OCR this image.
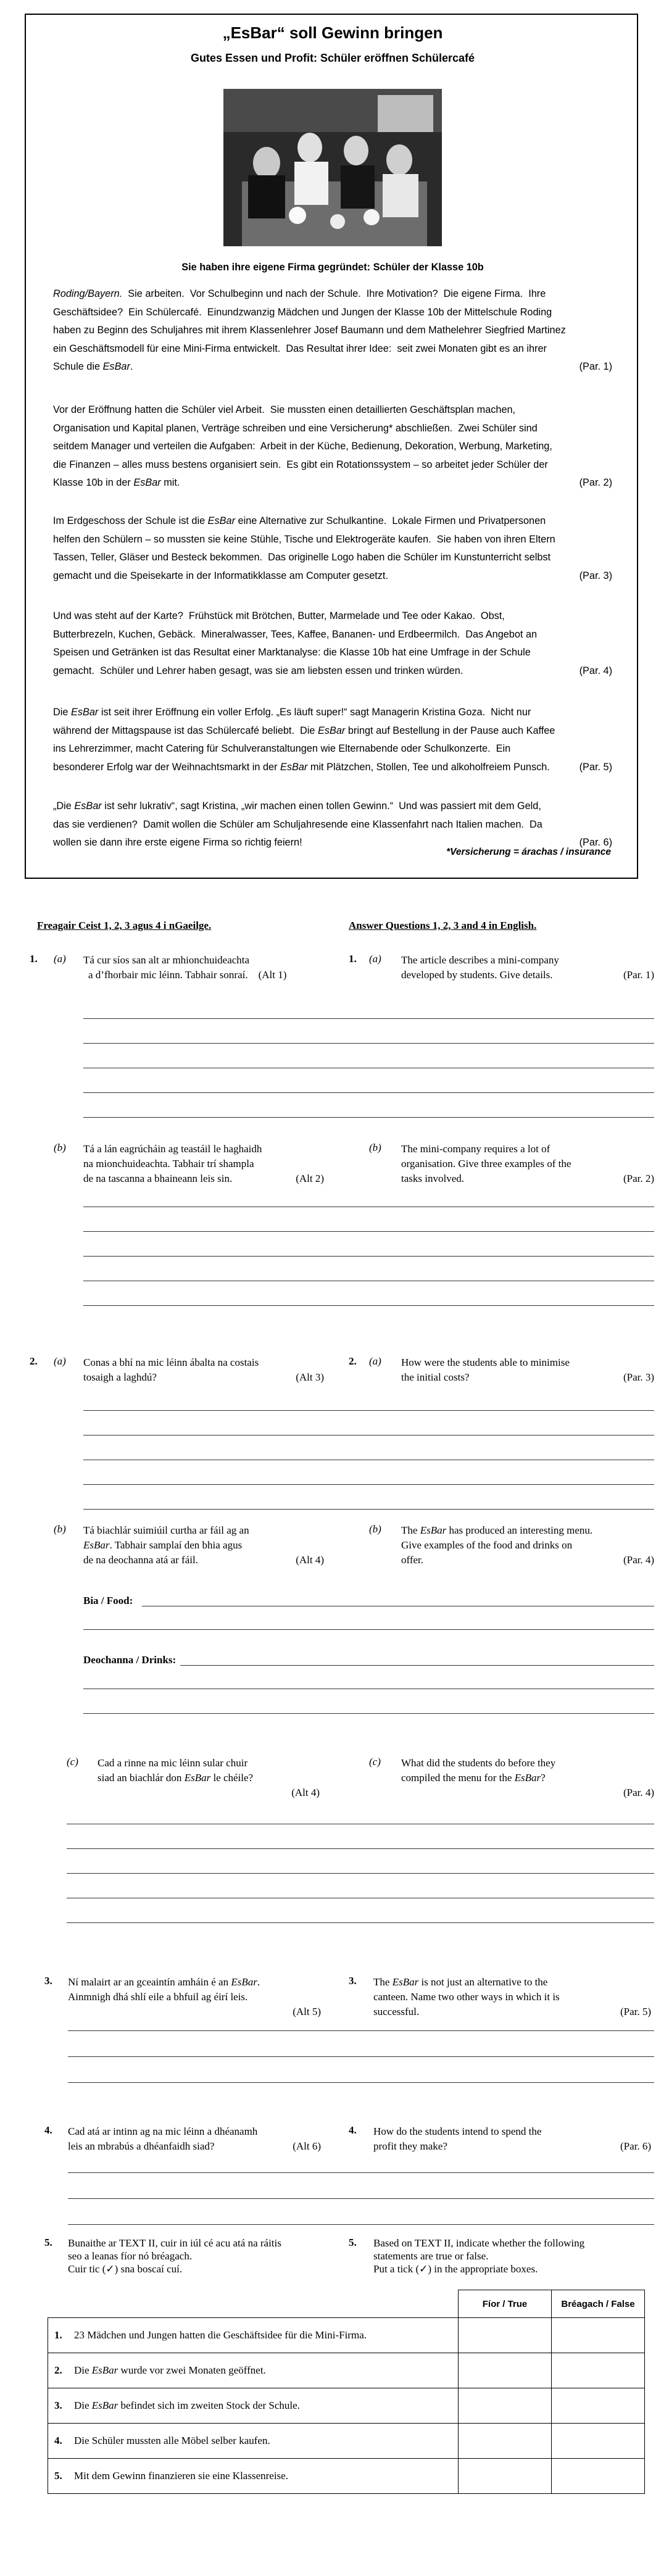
„EsBar“ soll Gewinn bringen
Gutes Essen und Profit: Schüler eröffnen Schülercafé
Sie haben ihre eigene Firma gegründet: Schüler der Klasse 10b
Roding/Bayern.  Sie arbeiten.  Vor Schulbeginn und nach der Schule.  Ihre Motivation?  Die eigene Firma.  Ihre
Geschäftsidee?  Ein Schülercafé.  Einundzwanzig Mädchen und Jungen der Klasse 10b der Mittelschule Roding
haben zu Beginn des Schuljahres mit ihrem Klassenlehrer Josef Baumann und dem Mathelehrer Siegfried Martinez
ein Geschäftsmodell für eine Mini-Firma entwickelt.  Das Resultat ihrer Idee:  seit zwei Monaten gibt es an ihrer
Schule die EsBar.	(Par. 1)
Vor der Eröffnung hatten die Schüler viel Arbeit.  Sie mussten einen detaillierten Geschäftsplan machen,
Organisation und Kapital planen, Verträge schreiben und eine Versicherung* abschließen.  Zwei Schüler sind
seitdem Manager und verteilen die Aufgaben:  Arbeit in der Küche, Bedienung, Dekoration, Werbung, Marketing,
die Finanzen – alles muss bestens organisiert sein.  Es gibt ein Rotationssystem – so arbeitet jeder Schüler der
Klasse 10b in der EsBar mit.	(Par. 2)
Im Erdgeschoss der Schule ist die EsBar eine Alternative zur Schulkantine.  Lokale Firmen und Privatpersonen
helfen den Schülern – so mussten sie keine Stühle, Tische und Elektrogeräte kaufen.  Sie haben von ihren Eltern
Tassen, Teller, Gläser und Besteck bekommen.  Das originelle Logo haben die Schüler im Kunstunterricht selbst
gemacht und die Speisekarte in der Informatikklasse am Computer gesetzt.	(Par. 3)
Und was steht auf der Karte?  Frühstück mit Brötchen, Butter, Marmelade und Tee oder Kakao.  Obst,
Butterbrezeln, Kuchen, Gebäck.  Mineralwasser, Tees, Kaffee, Bananen- und Erdbeermilch.  Das Angebot an
Speisen und Getränken ist das Resultat einer Marktanalyse: die Klasse 10b hat eine Umfrage in der Schule
gemacht.  Schüler und Lehrer haben gesagt, was sie am liebsten essen und trinken würden.	(Par. 4)
Die EsBar ist seit ihrer Eröffnung ein voller Erfolg. „Es läuft super!“ sagt Managerin Kristina Goza.  Nicht nur
während der Mittagspause ist das Schülercafé beliebt.  Die EsBar bringt auf Bestellung in der Pause auch Kaffee
ins Lehrerzimmer, macht Catering für Schulveranstaltungen wie Elternabende oder Schulkonzerte.  Ein
besonderer Erfolg war der Weihnachtsmarkt in der EsBar mit Plätzchen, Stollen, Tee und alkoholfreiem Punsch.	(Par. 5)
„Die EsBar ist sehr lukrativ“, sagt Kristina, „wir machen einen tollen Gewinn.“  Und was passiert mit dem Geld,
das sie verdienen?  Damit wollen die Schüler am Schuljahresende eine Klassenfahrt nach Italien machen.  Da
wollen sie dann ihre erste eigene Firma so richtig feiern!	(Par. 6)
*Versicherung = árachas / insurance
Freagair Ceist 1, 2, 3 agus 4 i nGaeilge.	Answer Questions 1, 2, 3 and 4 in English.
1. (a) Tá cur síos san alt ar mhionchuideachta
a d’fhorbair mic léinn. Tabhair sonraí. (Alt 1)
1. (a) The article describes a mini-company
developed by students. Give details.	(Par. 1)
(b) Tá a lán eagrúcháin ag teastáil le haghaidh
na mionchuideachta. Tabhair trí shampla
de na tascanna a bhaineann leis sin.	(Alt 2)
(b) The mini-company requires a lot of
organisation. Give three examples of the
tasks involved.	(Par. 2)
2. (a) Conas a bhí na mic léinn ábalta na costais
tosaigh a laghdú?	(Alt 3)
2. (a) How were the students able to minimise
the initial costs?	(Par. 3)
(b) Tá biachlár suimiúil curtha ar fáil ag an
EsBar. Tabhair samplaí den bhia agus
de na deochanna atá ar fáil.	(Alt 4)
(b) The EsBar has produced an interesting menu.
Give examples of the food and drinks on
offer.	(Par. 4)
Bia / Food:
Deochanna / Drinks:
(c) Cad a rinne na mic léinn sular chuir
siad an biachlár don EsBar le chéile?
(Alt 4)
(c) What did the students do before they
compiled the menu for the EsBar?
(Par. 4)
3. Ní malairt ar an gceaintín amháin é an EsBar.
Ainmnigh dhá shlí eile a bhfuil ag éirí leis.
(Alt 5)
3. The EsBar is not just an alternative to the
canteen. Name two other ways in which it is
successful.	(Par. 5)
4. Cad atá ar intinn ag na mic léinn a dhéanamh
leis an mbrabús a dhéanfaidh siad?	(Alt 6)
4. How do the students intend to spend the
profit they make?	(Par. 6)
5. Bunaithe ar TEXT II, cuir in iúl cé acu atá na ráitis
seo a leanas fíor nó bréagach.
Cuir tic (✓) sna boscaí cuí.
5. Based on TEXT II, indicate whether the following
statements are true or false.
Put a tick (✓) in the appropriate boxes.
	Fíor / True	Bréagach / False
1. 23 Mädchen und Jungen hatten die Geschäftsidee für die Mini-Firma.		
2. Die EsBar wurde vor zwei Monaten geöffnet.		
3. Die EsBar befindet sich im zweiten Stock der Schule.		
4. Die Schüler mussten alle Möbel selber kaufen.		
5. Mit dem Gewinn finanzieren sie eine Klassenreise.		
